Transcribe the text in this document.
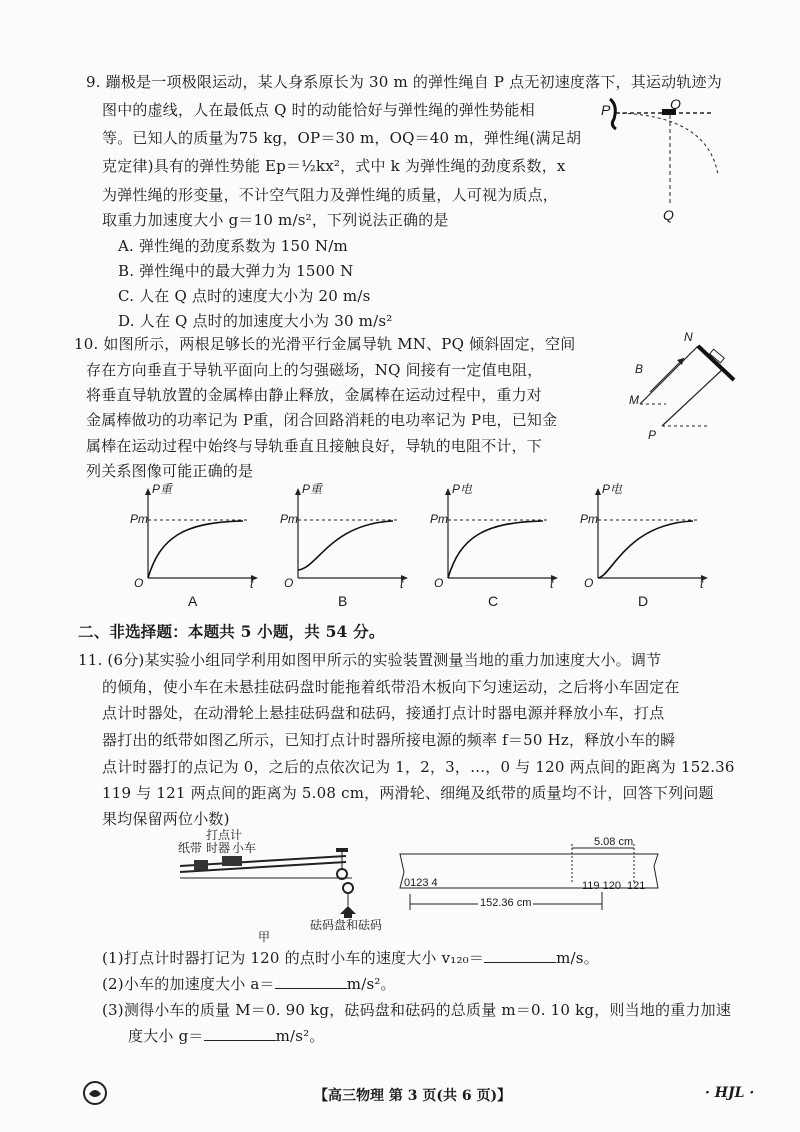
9. 蹦极是一项极限运动，某人身系原长为 30 m 的弹性绳自 P 点无初速度落下，其运动轨迹为
图中的虚线，人在最低点 Q 时的动能恰好与弹性绳的弹性势能相
等。已知人的质量为75 kg，OP＝30 m，OQ＝40 m，弹性绳(满足胡
克定律)具有的弹性势能 Ep＝½kx²，式中 k 为弹性绳的劲度系数，x
为弹性绳的形变量，不计空气阻力及弹性绳的质量，人可视为质点，
取重力加速度大小 g＝10 m/s²，下列说法正确的是
A. 弹性绳的劲度系数为 150 N/m
B. 弹性绳中的最大弹力为 1500 N
C. 人在 Q 点时的速度大小为 20 m/s
D. 人在 Q 点时的加速度大小为 30 m/s²
P	O
Q
10. 如图所示，两根足够长的光滑平行金属导轨 MN、PQ 倾斜固定，空间
存在方向垂直于导轨平面向上的匀强磁场，NQ 间接有一定值电阻，
将垂直导轨放置的金属棒由静止释放，金属棒在运动过程中，重力对
金属棒做功的功率记为 P重，闭合回路消耗的电功率记为 P电，已知金
属棒在运动过程中始终与导轨垂直且接触良好，导轨的电阻不计，下
列关系图像可能正确的是
N
B
M
P
P重
Pm
O	t
A
P重
Pm
O	t
B
P电
Pm
O	t
C
P电
Pm
O	t
D
二、非选择题：本题共 5 小题，共 54 分。
11. (6分)某实验小组同学利用如图甲所示的实验装置测量当地的重力加速度大小。调节
的倾角，使小车在未悬挂砝码盘时能拖着纸带沿木板向下匀速运动，之后将小车固定在
点计时器处，在动滑轮上悬挂砝码盘和砝码，接通打点计时器电源并释放小车，打点
器打出的纸带如图乙所示，已知打点计时器所接电源的频率 f＝50 Hz，释放小车的瞬
点计时器打的点记为 0，之后的点依次记为 1，2，3，…，0 与 120 两点间的距离为 152.36
119 与 121 两点间的距离为 5.08 cm，两滑轮、细绳及纸带的质量均不计，回答下列问题
果均保留两位小数)
打点计
时器
纸带 小车
砝码盘和砝码
甲
5.08 cm
0123 4	119 120  121
152.36 cm
(1)打点计时器打记为 120 的点时小车的速度大小 v₁₂₀＝	m/s。
(2)小车的加速度大小 a＝	m/s²。
(3)测得小车的质量 M＝0. 90 kg，砝码盘和砝码的总质量 m＝0. 10 kg，则当地的重力加速
度大小 g＝	m/s²。
【高三物理 第 3 页(共 6 页)】	· HJL ·
